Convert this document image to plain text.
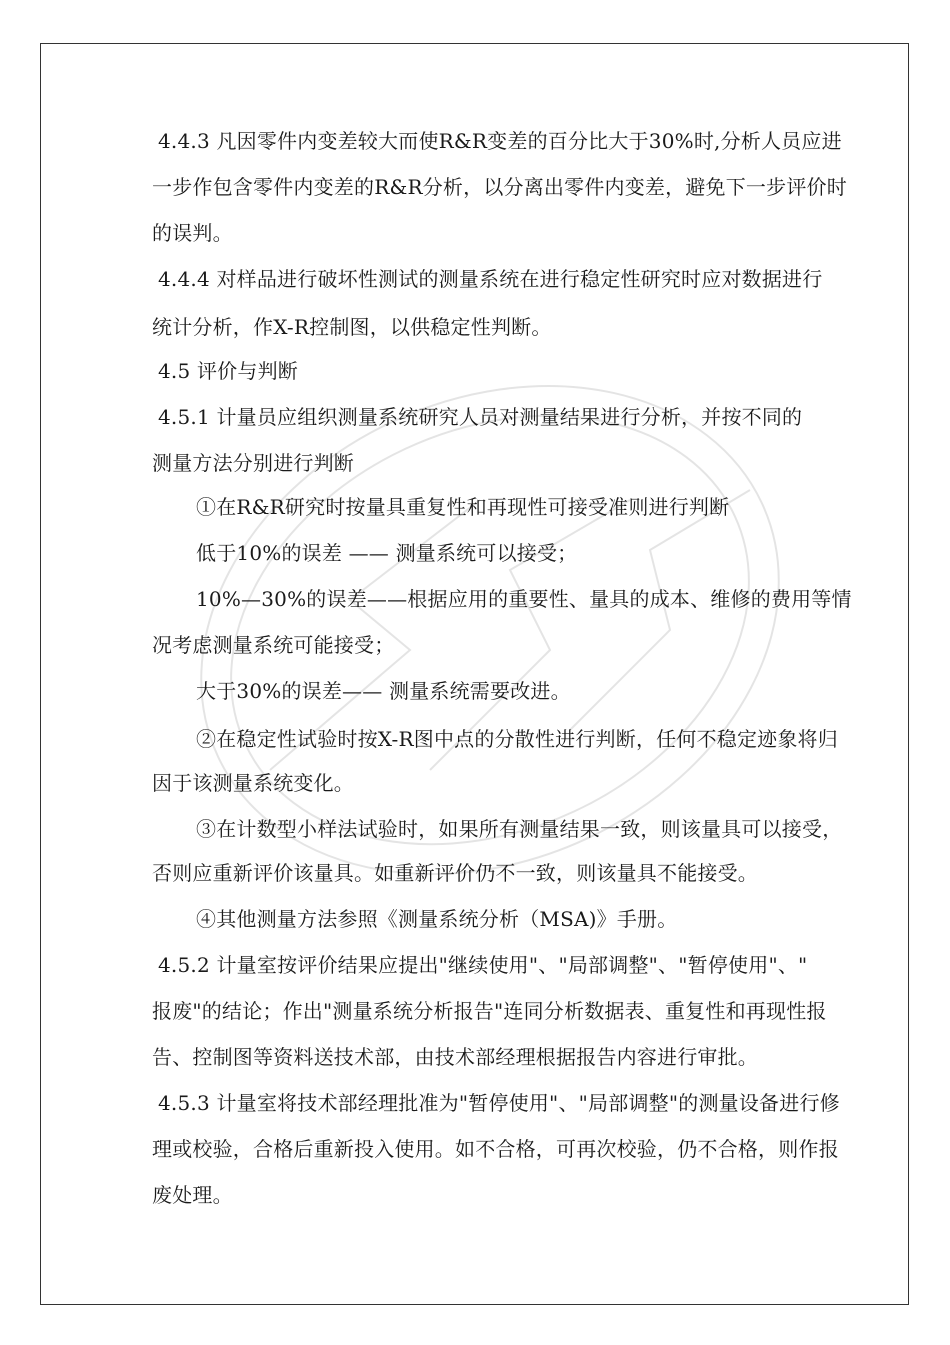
4.4.3 凡因零件内变差较大而使R&R变差的百分比大于30%时,分析人员应进
一步作包含零件内变差的R&R分析，以分离出零件内变差，避免下一步评价时
的误判。
4.4.4 对样品进行破坏性测试的测量系统在进行稳定性研究时应对数据进行
统计分析，作X-R控制图，以供稳定性判断。
4.5 评价与判断
4.5.1 计量员应组织测量系统研究人员对测量结果进行分析，并按不同的
测量方法分别进行判断
①在R&R研究时按量具重复性和再现性可接受准则进行判断
低于10%的误差 —— 测量系统可以接受；
10%—30%的误差——根据应用的重要性、量具的成本、维修的费用等情
况考虑测量系统可能接受；
大于30%的误差—— 测量系统需要改进。
②在稳定性试验时按X-R图中点的分散性进行判断，任何不稳定迹象将归
因于该测量系统变化。
③在计数型小样法试验时，如果所有测量结果一致，则该量具可以接受，
否则应重新评价该量具。如重新评价仍不一致，则该量具不能接受。
④其他测量方法参照《测量系统分析（MSA)》手册。
4.5.2 计量室按评价结果应提出"继续使用"、"局部调整"、"暂停使用"、"
报废"的结论；作出"测量系统分析报告"连同分析数据表、重复性和再现性报
告、控制图等资料送技术部，由技术部经理根据报告内容进行审批。
4.5.3 计量室将技术部经理批准为"暂停使用"、"局部调整"的测量设备进行修
理或校验，合格后重新投入使用。如不合格，可再次校验，仍不合格，则作报
废处理。
